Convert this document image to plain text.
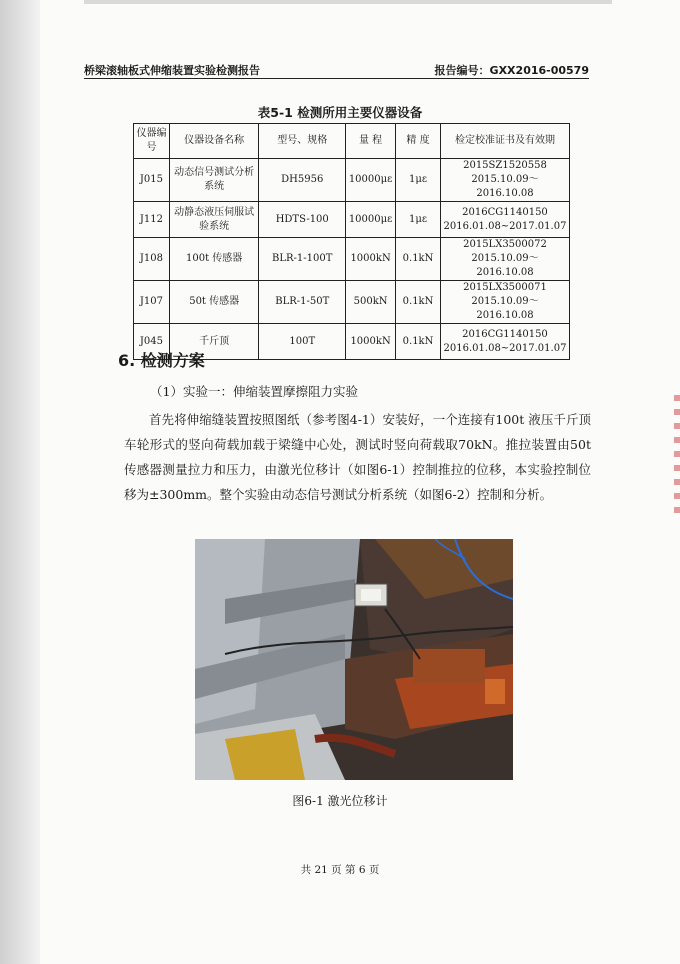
桥梁滚轴板式伸缩装置实验检测报告	报告编号：GXX2016-00579
表5-1 检测所用主要仪器设备
仪器编号	仪器设备名称	型号、规格	量 程	精 度	检定校准证书及有效期
J015	动态信号测试分析系统	DH5956	10000με	1με	2015SZ1520558
2015.10.09～2016.10.08

J112	动静态液压伺服试验系统	HDTS-100	10000με	1με	2016CG1140150
2016.01.08~2017.01.07

J108	100t 传感器	BLR-1-100T	1000kN	0.1kN	2015LX3500072
2015.10.09～2016.10.08

J107	50t 传感器	BLR-1-50T	500kN	0.1kN	2015LX3500071
2015.10.09～2016.10.08

J045	千斤顶	100T	1000kN	0.1kN	2016CG1140150
2016.01.08~2017.01.07
6. 检测方案
（1）实验一：伸缩装置摩擦阻力实验

首先将伸缩缝装置按照图纸（参考图4-1）安装好，一个连接有100t 液压千斤顶车轮形式的竖向荷载加载于梁缝中心处，测试时竖向荷载取70kN。推拉装置由50t 传感器测量拉力和压力，由激光位移计（如图6-1）控制推拉的位移，本实验控制位移为±300mm。整个实验由动态信号测试分析系统（如图6-2）控制和分析。

图6-1 激光位移计
共 21 页 第 6 页
